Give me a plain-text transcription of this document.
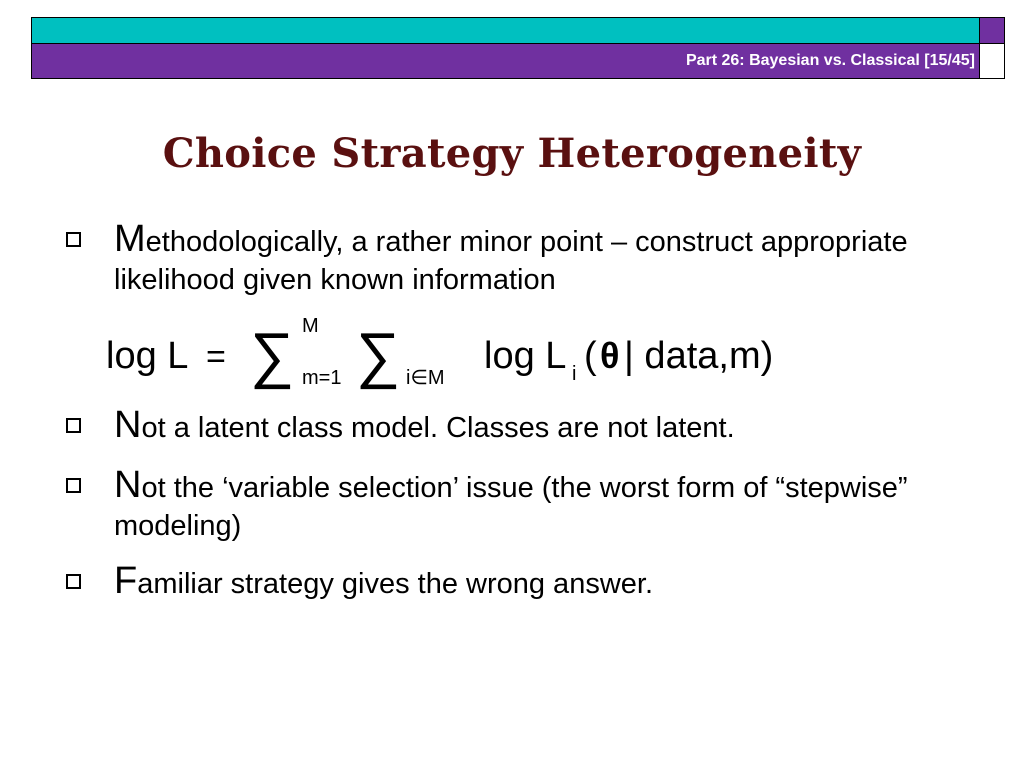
Part 26: Bayesian vs. Classical [15/45]
Choice Strategy Heterogeneity
Methodologically, a rather minor point – construct appropriate likelihood given known information
log L = ∑ M
m=1 ∑ i∈M
log L i ( θ | data,m)
Not a latent class model. Classes are not latent.
Not the ‘variable selection’ issue (the worst form of “stepwise” modeling)
Familiar strategy gives the wrong answer.
